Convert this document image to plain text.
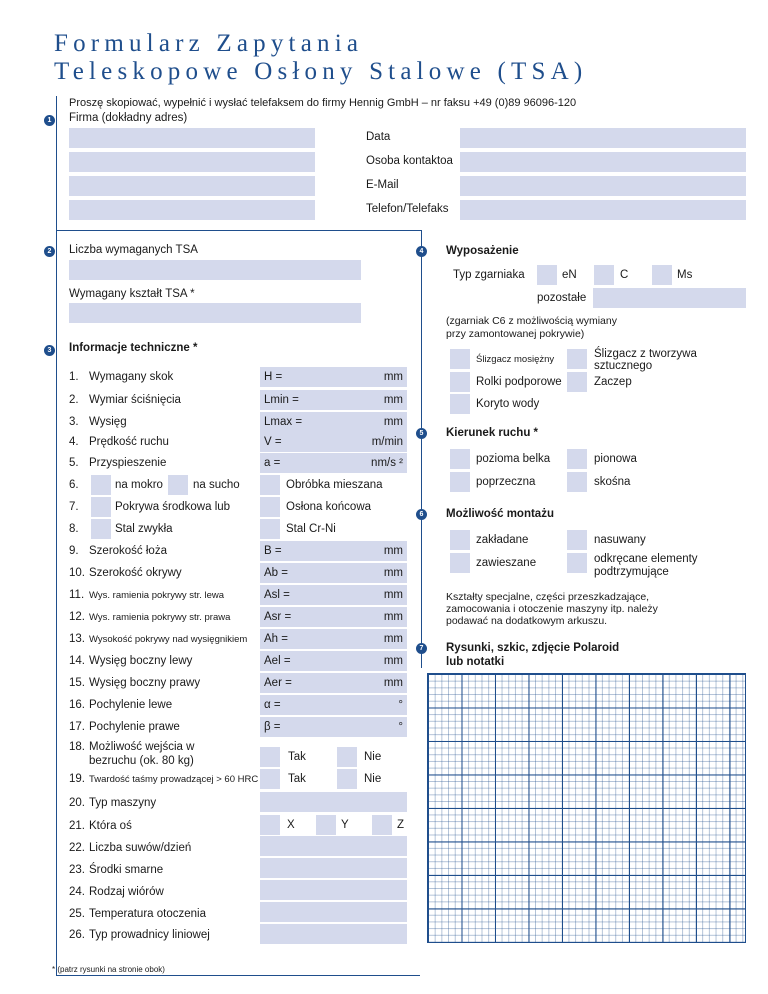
Formularz Zapytania
Teleskopowe Osłony Stalowe (TSA)
Proszę skopiować, wypełnić i wysłać telefaksem do firmy Hennig GmbH – nr faksu +49 (0)89 96096-120
1	Firma (dokładny adres)
Data
Osoba kontaktoa
E-Mail
Telefon/Telefaks
2	Liczba wymaganych TSA
Wymagany kształt TSA *
3	Informacje techniczne *
1. Wymagany skok	H =	mm
2. Wymiar ściśnięcia	Lmin =	mm
3. Wysięg	Lmax =	mm
4. Prędkość ruchu	V =	m/min
5. Przyspieszenie	a =	nm/s ²
6.	na mokro	na sucho	Obróbka mieszana
7.	Pokrywa środkowa lub	Osłona końcowa
8.	Stal zwykła	Stal Cr-Ni
9. Szerokość łoża	B =	mm
10. Szerokość okrywy	Ab =	mm
11. Wys. ramienia pokrywy str. lewa	Asl =	mm
12. Wys. ramienia pokrywy str. prawa	Asr =	mm
13. Wysokość pokrywy nad wysięgnikiem Ah =	mm
14. Wysięg boczny lewy	Ael =	mm
15. Wysięg boczny prawy	Aer =	mm
16. Pochylenie lewe	α =	°
17. Pochylenie prawe	β =	°
18. Możliwość wejścia w
bezruchu (ok. 80 kg)	Tak	Nie
19. Twardość taśmy prowadzącej > 60 HRC	Tak	Nie
20. Typ maszyny
21. Która oś	X	Y	Z
22. Liczba suwów/dzień
23. Środki smarne
24. Rodzaj wiórów
25. Temperatura otoczenia
26. Typ prowadnicy liniowej
* (patrz rysunki na stronie obok)
4	Wyposażenie
Typ zgarniaka	eN	C	Ms
pozostałe
(zgarniak C6 z możliwością wymiany
przy zamontowanej pokrywie)
Ślizgacz mosiężny	Ślizgacz z tworzywa
sztucznego
Rolki podporowe	Zaczep
Koryto wody
5	Kierunek ruchu *
pozioma belka	pionowa
poprzeczna	skośna
6	Możliwość montażu
zakładane	nasuwany
zawieszane	odkręcane elementy
podtrzymujące
Kształty specjalne, części przeszkadzające,
zamocowania i otoczenie maszyny itp. należy
podawać na dodatkowym arkuszu.
7	Rysunki, szkic, zdjęcie Polaroid
lub notatki
